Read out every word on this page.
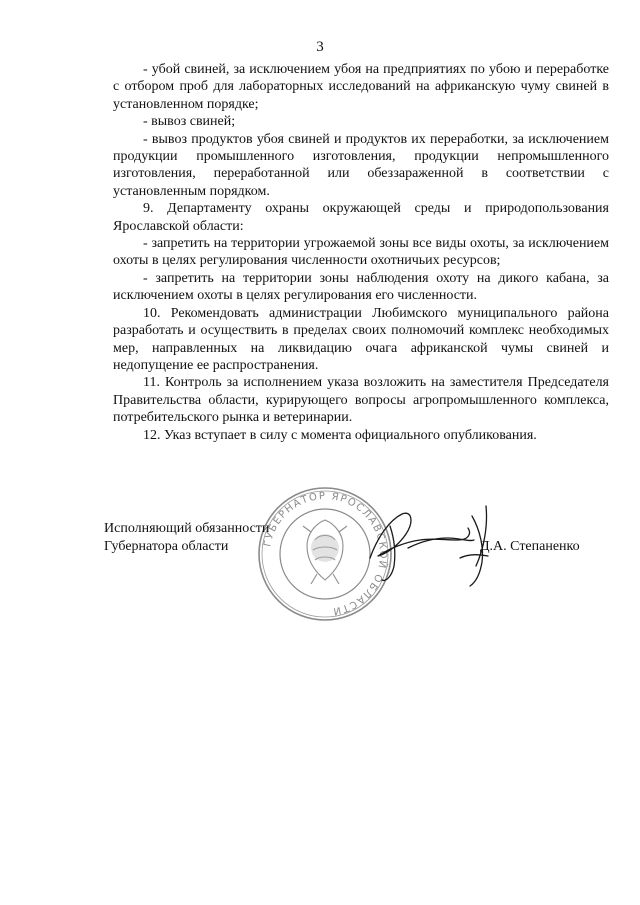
3

- убой свиней, за исключением убоя на предприятиях по убою и переработке с отбором проб для лабораторных исследований на африканскую чуму свиней в установленном порядке;

- вывоз свиней;

- вывоз продуктов убоя свиней и продуктов их переработки, за исключением продукции промышленного изготовления, продукции непромышленного изготовления, переработанной или обеззараженной в соответствии с установленным порядком.

9. Департаменту охраны окружающей среды и природопользования Ярославской области:

- запретить на территории угрожаемой зоны все виды охоты, за исключением охоты в целях регулирования численности охотничьих ресурсов;

- запретить на территории зоны наблюдения охоту на дикого кабана, за исключением охоты в целях регулирования его численности.

10. Рекомендовать администрации Любимского муниципального района разработать и осуществить в пределах своих полномочий комплекс необходимых мер, направленных на ликвидацию очага африканской чумы свиней и недопущение ее распространения.

11. Контроль за исполнением указа возложить на заместителя Председателя Правительства области, курирующего вопросы агропромышленного комплекса, потребительского рынка и ветеринарии.

12. Указ вступает в силу с момента официального опубликования.

ГУБЕРНАТОР ЯРОСЛАВСКОЙ ОБЛАСТИ
Исполняющий обязанности
Губернатора области	Д.А. Степаненко
